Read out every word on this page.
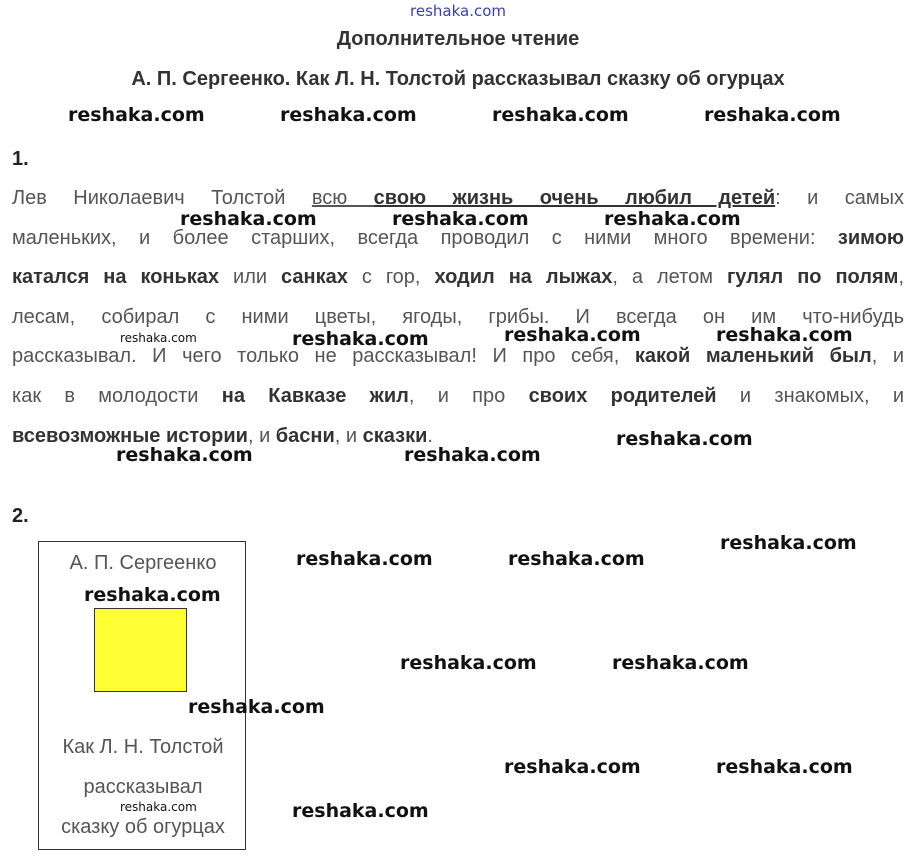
reshaka.com
Дополнительное чтение
А. П. Сергеенко. Как Л. Н. Толстой рассказывал сказку об огурцах
reshaka.com	reshaka.com	reshaka.com	reshaka.com
1.
Лев Николаевич Толстой всю свою жизнь очень любил детей: и самых
маленьких, и более старших, всегда проводил с ними много времени: зимою
катался на коньках или санках с гор, ходил на лыжах, а летом гулял по полям,
лесам, собирал с ними цветы, ягоды, грибы. И всегда он им что-нибудь
рассказывал. И чего только не рассказывал! И про себя, какой маленький был, и
как в молодости на Кавказе жил, и про своих родителей и знакомых, и
всевозможные истории, и басни, и сказки.
reshaka.com	reshaka.com	reshaka.com
reshaka.com	reshaka.com	reshaka.com	reshaka.com
reshaka.com
reshaka.com	reshaka.com
2.
А. П. Сергеенко
Как Л. Н. Толстой
рассказывал
сказку об огурцах
reshaka.com
reshaka.com	reshaka.com
reshaka.com
reshaka.com	reshaka.com
reshaka.com
reshaka.com	reshaka.com
reshaka.com	reshaka.com
